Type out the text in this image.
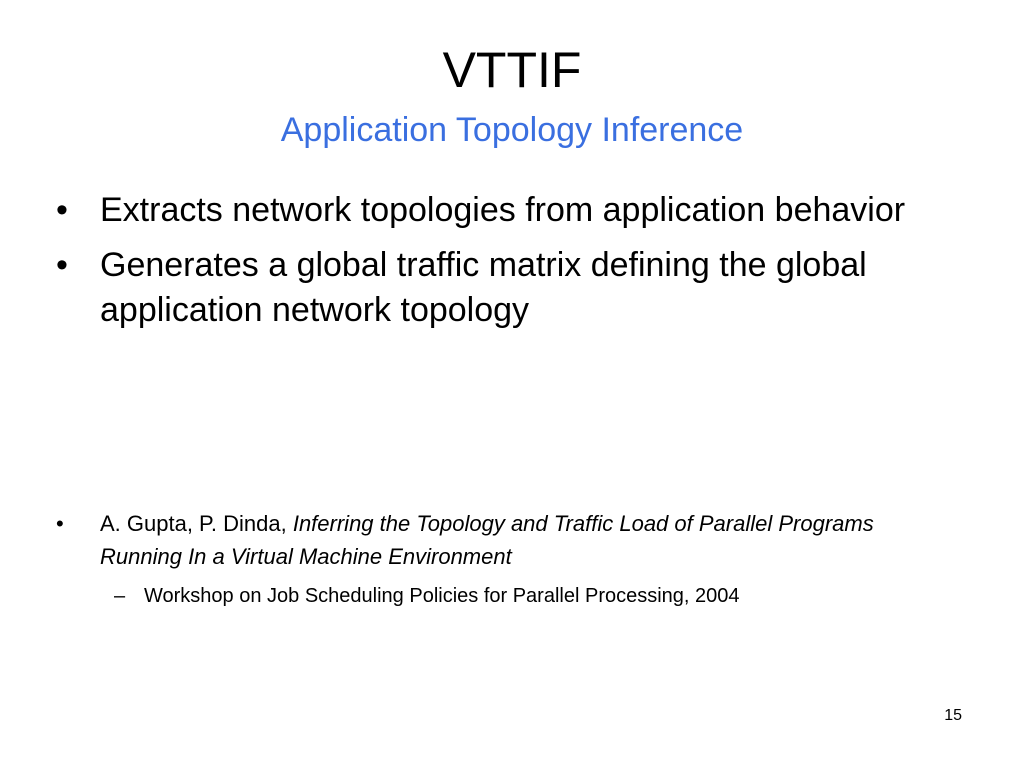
VTTIF
Application Topology Inference
• Extracts network topologies from application behavior
• Generates a global traffic matrix defining the global application network topology
• A. Gupta, P. Dinda, Inferring the Topology and Traffic Load of Parallel Programs Running In a Virtual Machine Environment
– Workshop on Job Scheduling Policies for Parallel Processing, 2004
15
